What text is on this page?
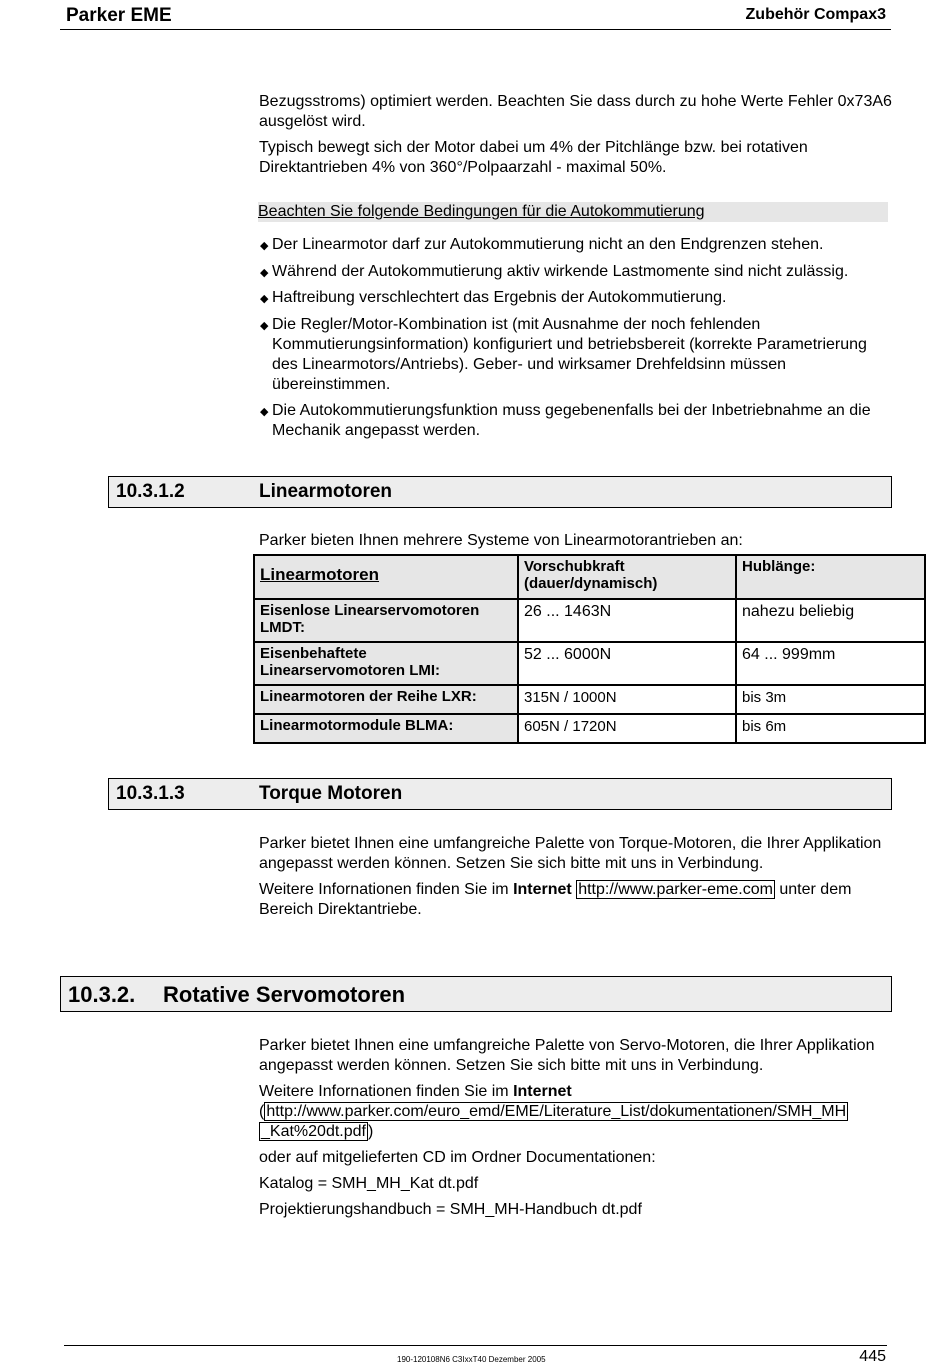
Parker EME	Zubehör Compax3

Bezugsstroms) optimiert werden. Beachten Sie dass durch zu hohe Werte Fehler 0x73A6 ausgelöst wird.

Typisch bewegt sich der Motor dabei um 4% der Pitchlänge bzw. bei rotativen Direktantrieben 4% von 360°/Polpaarzahl - maximal 50%.

Beachten Sie folgende Bedingungen für die Autokommutierung
◆ Der Linearmotor darf zur Autokommutierung nicht an den Endgrenzen stehen.
◆ Während der Autokommutierung aktiv wirkende Lastmomente sind nicht zulässig.
◆ Haftreibung verschlechtert das Ergebnis der Autokommutierung.
◆ Die Regler/Motor-Kombination ist (mit Ausnahme der noch fehlenden Kommutierungsinformation) konfiguriert und betriebsbereit (korrekte Parametrierung des Linearmotors/Antriebs). Geber- und wirksamer Drehfeldsinn müssen übereinstimmen.
◆ Die Autokommutierungsfunktion muss gegebenenfalls bei der Inbetriebnahme an die Mechanik angepasst werden.
10.3.1.2	Linearmotoren
Parker bieten Ihnen mehrere Systeme von Linearmotorantrieben an:
Linearmotoren	Vorschubkraft (dauer/dynamisch)	Hublänge:
Eisenlose Linearservomotoren LMDT:	26 ... 1463N	nahezu beliebig
Eisenbehaftete Linearservomotoren LMI:	52 ... 6000N	64 ... 999mm
Linearmotoren der Reihe LXR:	315N / 1000N	bis 3m
Linearmotormodule BLMA:	605N / 1720N	bis 6m
10.3.1.3	Torque Motoren
Parker bietet Ihnen eine umfangreiche Palette von Torque-Motoren, die Ihrer Applikation angepasst werden können. Setzen Sie sich bitte mit uns in Verbindung.
Weitere Infornationen finden Sie im Internet http://www.parker-eme.com unter dem Bereich Direktantriebe.
10.3.2. Rotative Servomotoren
Parker bietet Ihnen eine umfangreiche Palette von Servo-Motoren, die Ihrer Applikation angepasst werden können. Setzen Sie sich bitte mit uns in Verbindung.
Weitere Infornationen finden Sie im Internet
( http://www.parker.com/euro_emd/EME/Literature_List/dokumentationen/SMH_MH
_Kat%20dt.pdf )
oder auf mitgelieferten CD im Ordner Documentationen:
Katalog = SMH_MH_Kat dt.pdf
Projektierungshandbuch = SMH_MH-Handbuch dt.pdf
190-120108N6 C3IxxT40 Dezember 2005	445
